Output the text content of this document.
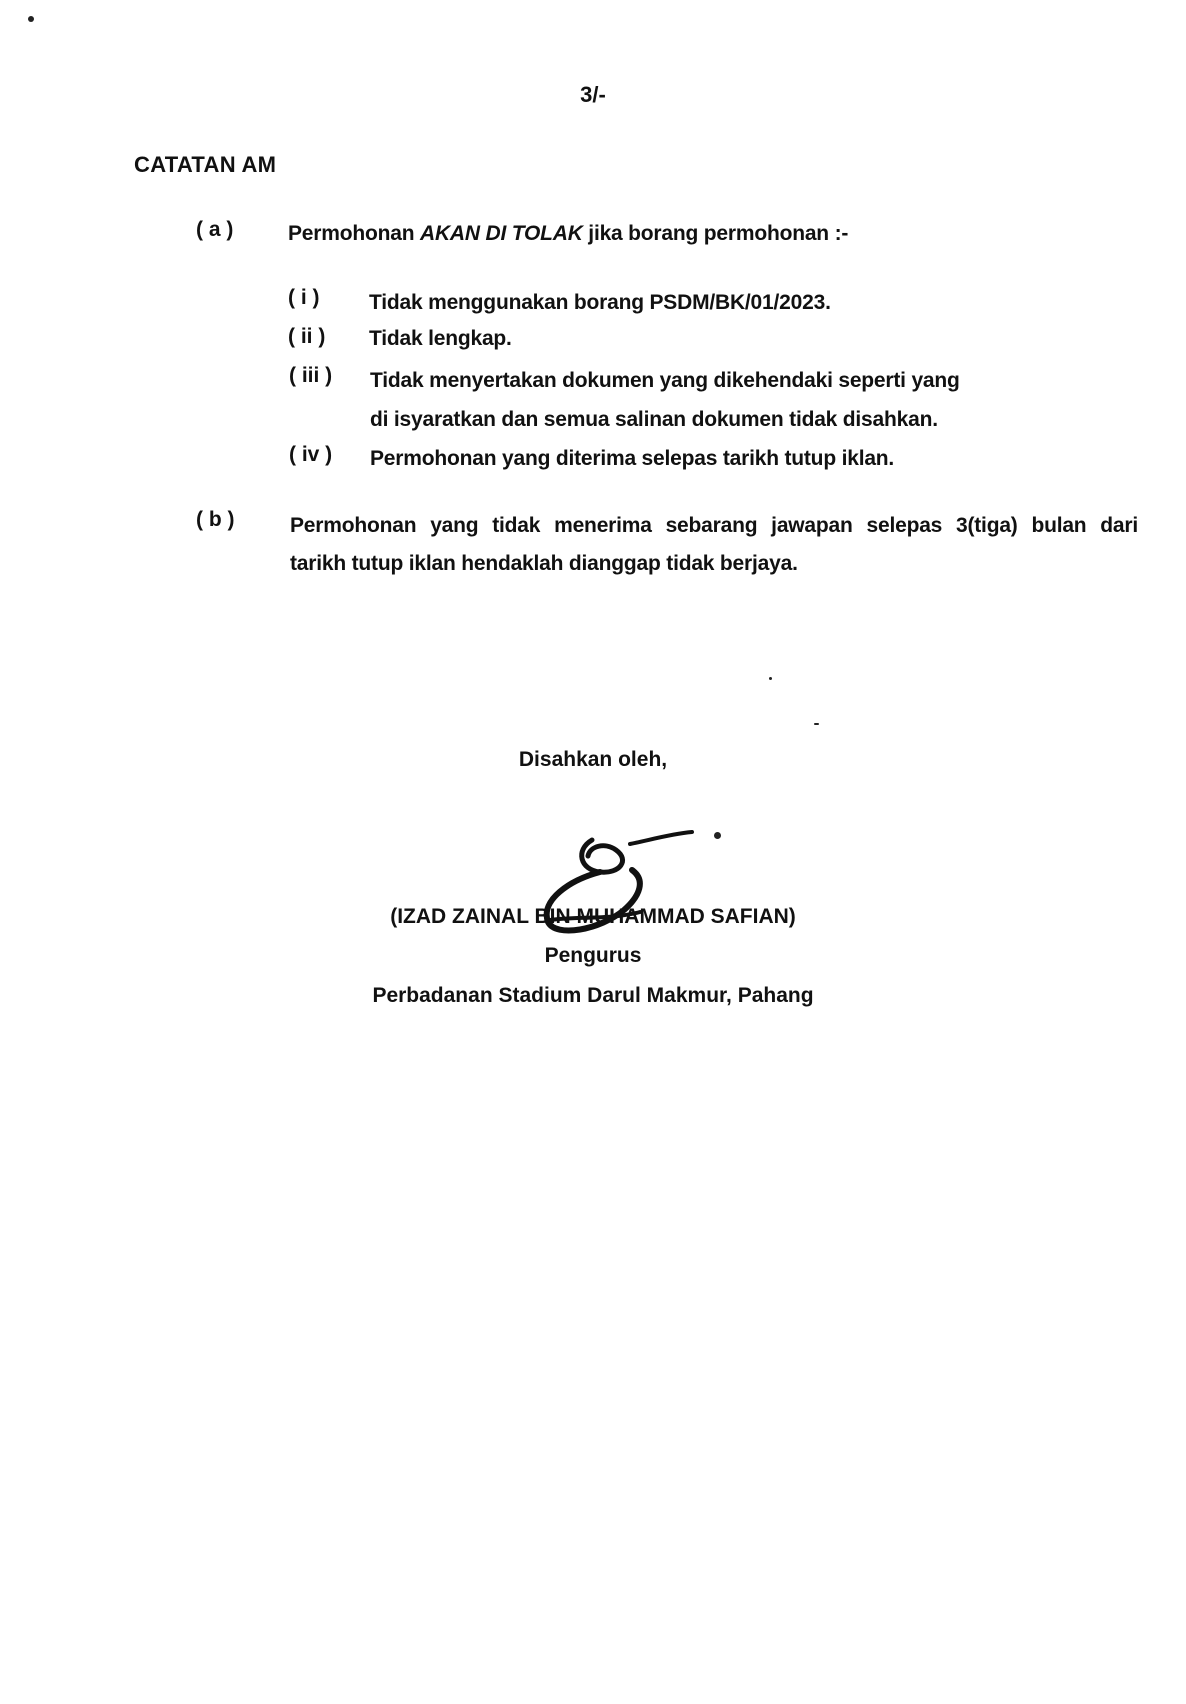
3/-
CATATAN AM
( a )	Permohonan AKAN DI TOLAK jika borang permohonan :-
( i ) Tidak menggunakan borang PSDM/BK/01/2023.
( ii ) Tidak lengkap.
( iii ) Tidak menyertakan dokumen yang dikehendaki seperti yang
di isyaratkan dan semua salinan dokumen tidak disahkan.
( iv ) Permohonan yang diterima selepas tarikh tutup iklan.
( b )	Permohonan yang tidak menerima sebarang jawapan selepas 3(tiga) bulan dari
tarikh tutup iklan hendaklah dianggap tidak berjaya.
Disahkan oleh,
(IZAD ZAINAL BIN MUHAMMAD SAFIAN)
Pengurus
Perbadanan Stadium Darul Makmur, Pahang
